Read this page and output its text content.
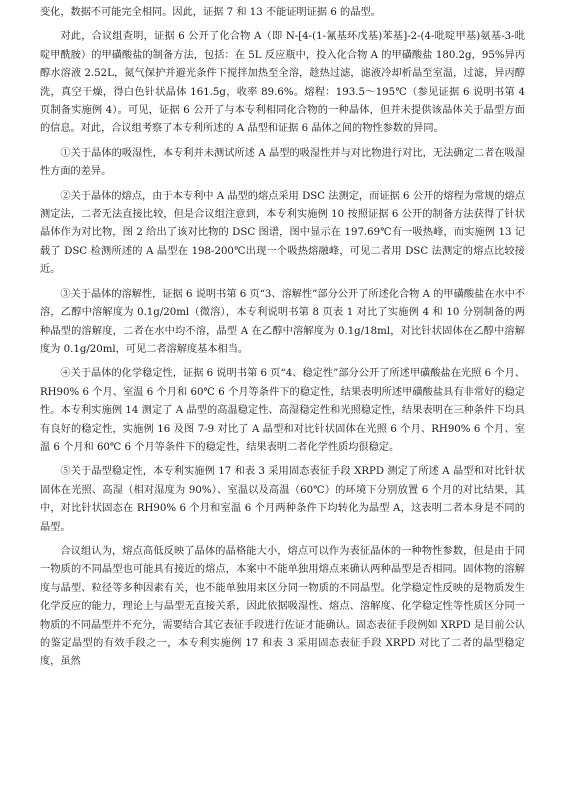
变化，数据不可能完全相同。因此，证据 7 和 13 不能证明证据 6 的晶型。

对此，合议组查明，证据 6 公开了化合物 A（即 N-[4-(1-氰基环戊基)苯基]-2-(4-吡啶甲基)氨基-3-吡啶甲酰胺）的甲磺酸盐的制备方法，包括：在 5L 反应瓶中，投入化合物 A 的甲磺酸盐 180.2g，95%异丙醇水溶液 2.52L，氮气保护并避光条件下搅拌加热至全溶，趁热过滤，滤液冷却析晶至室温，过滤，异丙醇洗，真空干燥，得白色针状晶体 161.5g，收率 89.6%。熔程：193.5～195℃（参见证据 6 说明书第 4 页制备实施例 4）。可见，证据 6 公开了与本专利相同化合物的一种晶体，但并未提供该晶体关于晶型方面的信息。对此，合议组考察了本专利所述的 A 晶型和证据 6 晶体之间的物性参数的异同。

①关于晶体的吸湿性，本专利并未测试所述 A 晶型的吸湿性并与对比物进行对比，无法确定二者在吸湿性方面的差异。

②关于晶体的熔点，由于本专利中 A 晶型的熔点采用 DSC 法测定，而证据 6 公开的熔程为常规的熔点测定法，二者无法直接比较，但是合议组注意到，本专利实施例 10 按照证据 6 公开的制备方法获得了针状晶体作为对比物，图 2 给出了该对比物的 DSC 图谱，图中显示在 197.69℃有一吸热峰，而实施例 13 记载了 DSC 检测所述的 A 晶型在 198-200℃出现一个吸热熔融峰，可见二者用 DSC 法测定的熔点比较接近。

③关于晶体的溶解性，证据 6 说明书第 6 页“3、溶解性”部分公开了所述化合物 A 的甲磺酸盐在水中不溶，乙醇中溶解度为 0.1g/20ml（微溶），本专利说明书第 8 页表 1 对比了实施例 4 和 10 分别制备的两种晶型的溶解度，二者在水中均不溶，晶型 A 在乙醇中溶解度为 0.1g/18ml，对比针状固体在乙醇中溶解度为 0.1g/20ml，可见二者溶解度基本相当。

④关于晶体的化学稳定性，证据 6 说明书第 6 页“4、稳定性”部分公开了所述甲磺酸盐在光照 6 个月、RH90% 6 个月、室温 6 个月和 60℃ 6 个月等条件下的稳定性，结果表明所述甲磺酸盐具有非常好的稳定性。本专利实施例 14 测定了 A 晶型的高温稳定性、高湿稳定性和光照稳定性，结果表明在三种条件下均具有良好的稳定性，实施例 16 及图 7-9 对比了 A 晶型和对比针状固体在光照 6 个月、RH90% 6 个月、室温 6 个月和 60℃ 6 个月等条件下的稳定性，结果表明二者化学性质均很稳定。

⑤关于晶型稳定性，本专利实施例 17 和表 3 采用固态表征手段 XRPD 测定了所述 A 晶型和对比针状固体在光照、高湿（相对湿度为 90%）、室温以及高温（60℃）的环境下分别放置 6 个月的对比结果，其中，对比针状固态在 RH90% 6 个月和室温 6 个月两种条件下均转化为晶型 A，这表明二者本身是不同的晶型。

合议组认为，熔点高低反映了晶体的晶格能大小，熔点可以作为表征晶体的一种物性参数，但是由于同一物质的不同晶型也可能具有接近的熔点，本案中不能单独用熔点来确认两种晶型是否相同。固体物的溶解度与晶型、粒径等多种因素有关，也不能单独用来区分同一物质的不同晶型。化学稳定性反映的是物质发生化学反应的能力，理论上与晶型无直接关系，因此依据吸湿性、熔点、溶解度、化学稳定性等性质区分同一物质的不同晶型并不充分，需要结合其它表征手段进行佐证才能确认。固态表征手段例如 XRPD 是目前公认的鉴定晶型的有效手段之一，本专利实施例 17 和表 3 采用固态表征手段 XRPD 对比了二者的晶型稳定度，虽然
